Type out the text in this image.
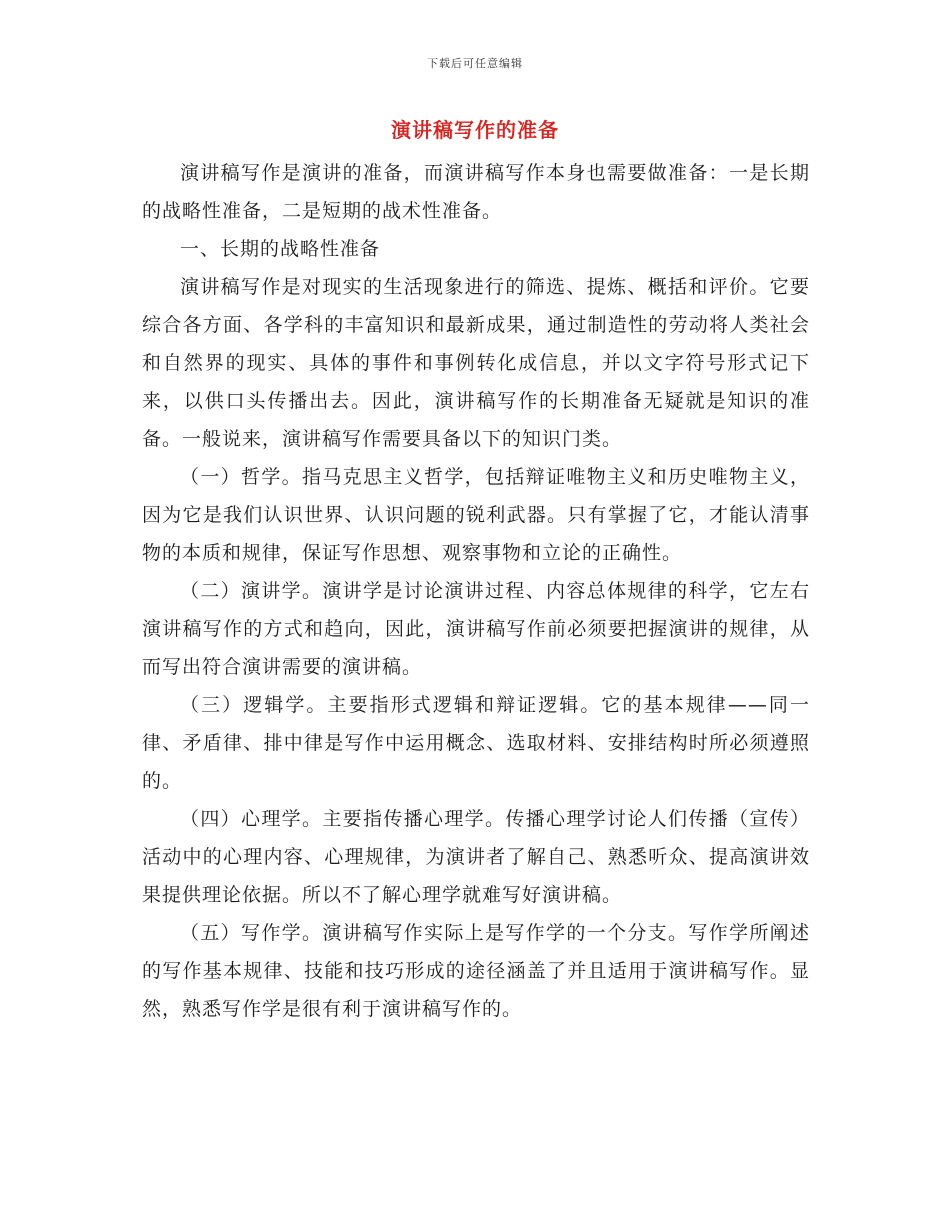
下载后可任意编辑
演讲稿写作的准备

演讲稿写作是演讲的准备，而演讲稿写作本身也需要做准备：一是长期的战略性准备，二是短期的战术性准备。

一、长期的战略性准备

演讲稿写作是对现实的生活现象进行的筛选、提炼、概括和评价。它要综合各方面、各学科的丰富知识和最新成果，通过制造性的劳动将人类社会和自然界的现实、具体的事件和事例转化成信息，并以文字符号形式记下来，以供口头传播出去。因此，演讲稿写作的长期准备无疑就是知识的准备。一般说来，演讲稿写作需要具备以下的知识门类。

（一）哲学。指马克思主义哲学，包括辩证唯物主义和历史唯物主义，因为它是我们认识世界、认识问题的锐利武器。只有掌握了它，才能认清事物的本质和规律，保证写作思想、观察事物和立论的正确性。

（二）演讲学。演讲学是讨论演讲过程、内容总体规律的科学，它左右演讲稿写作的方式和趋向，因此，演讲稿写作前必须要把握演讲的规律，从而写出符合演讲需要的演讲稿。

（三）逻辑学。主要指形式逻辑和辩证逻辑。它的基本规律——同一律、矛盾律、排中律是写作中运用概念、选取材料、安排结构时所必须遵照的。

（四）心理学。主要指传播心理学。传播心理学讨论人们传播（宣传）活动中的心理内容、心理规律，为演讲者了解自己、熟悉听众、提高演讲效果提供理论依据。所以不了解心理学就难写好演讲稿。

（五）写作学。演讲稿写作实际上是写作学的一个分支。写作学所阐述的写作基本规律、技能和技巧形成的途径涵盖了并且适用于演讲稿写作。显然，熟悉写作学是很有利于演讲稿写作的。
